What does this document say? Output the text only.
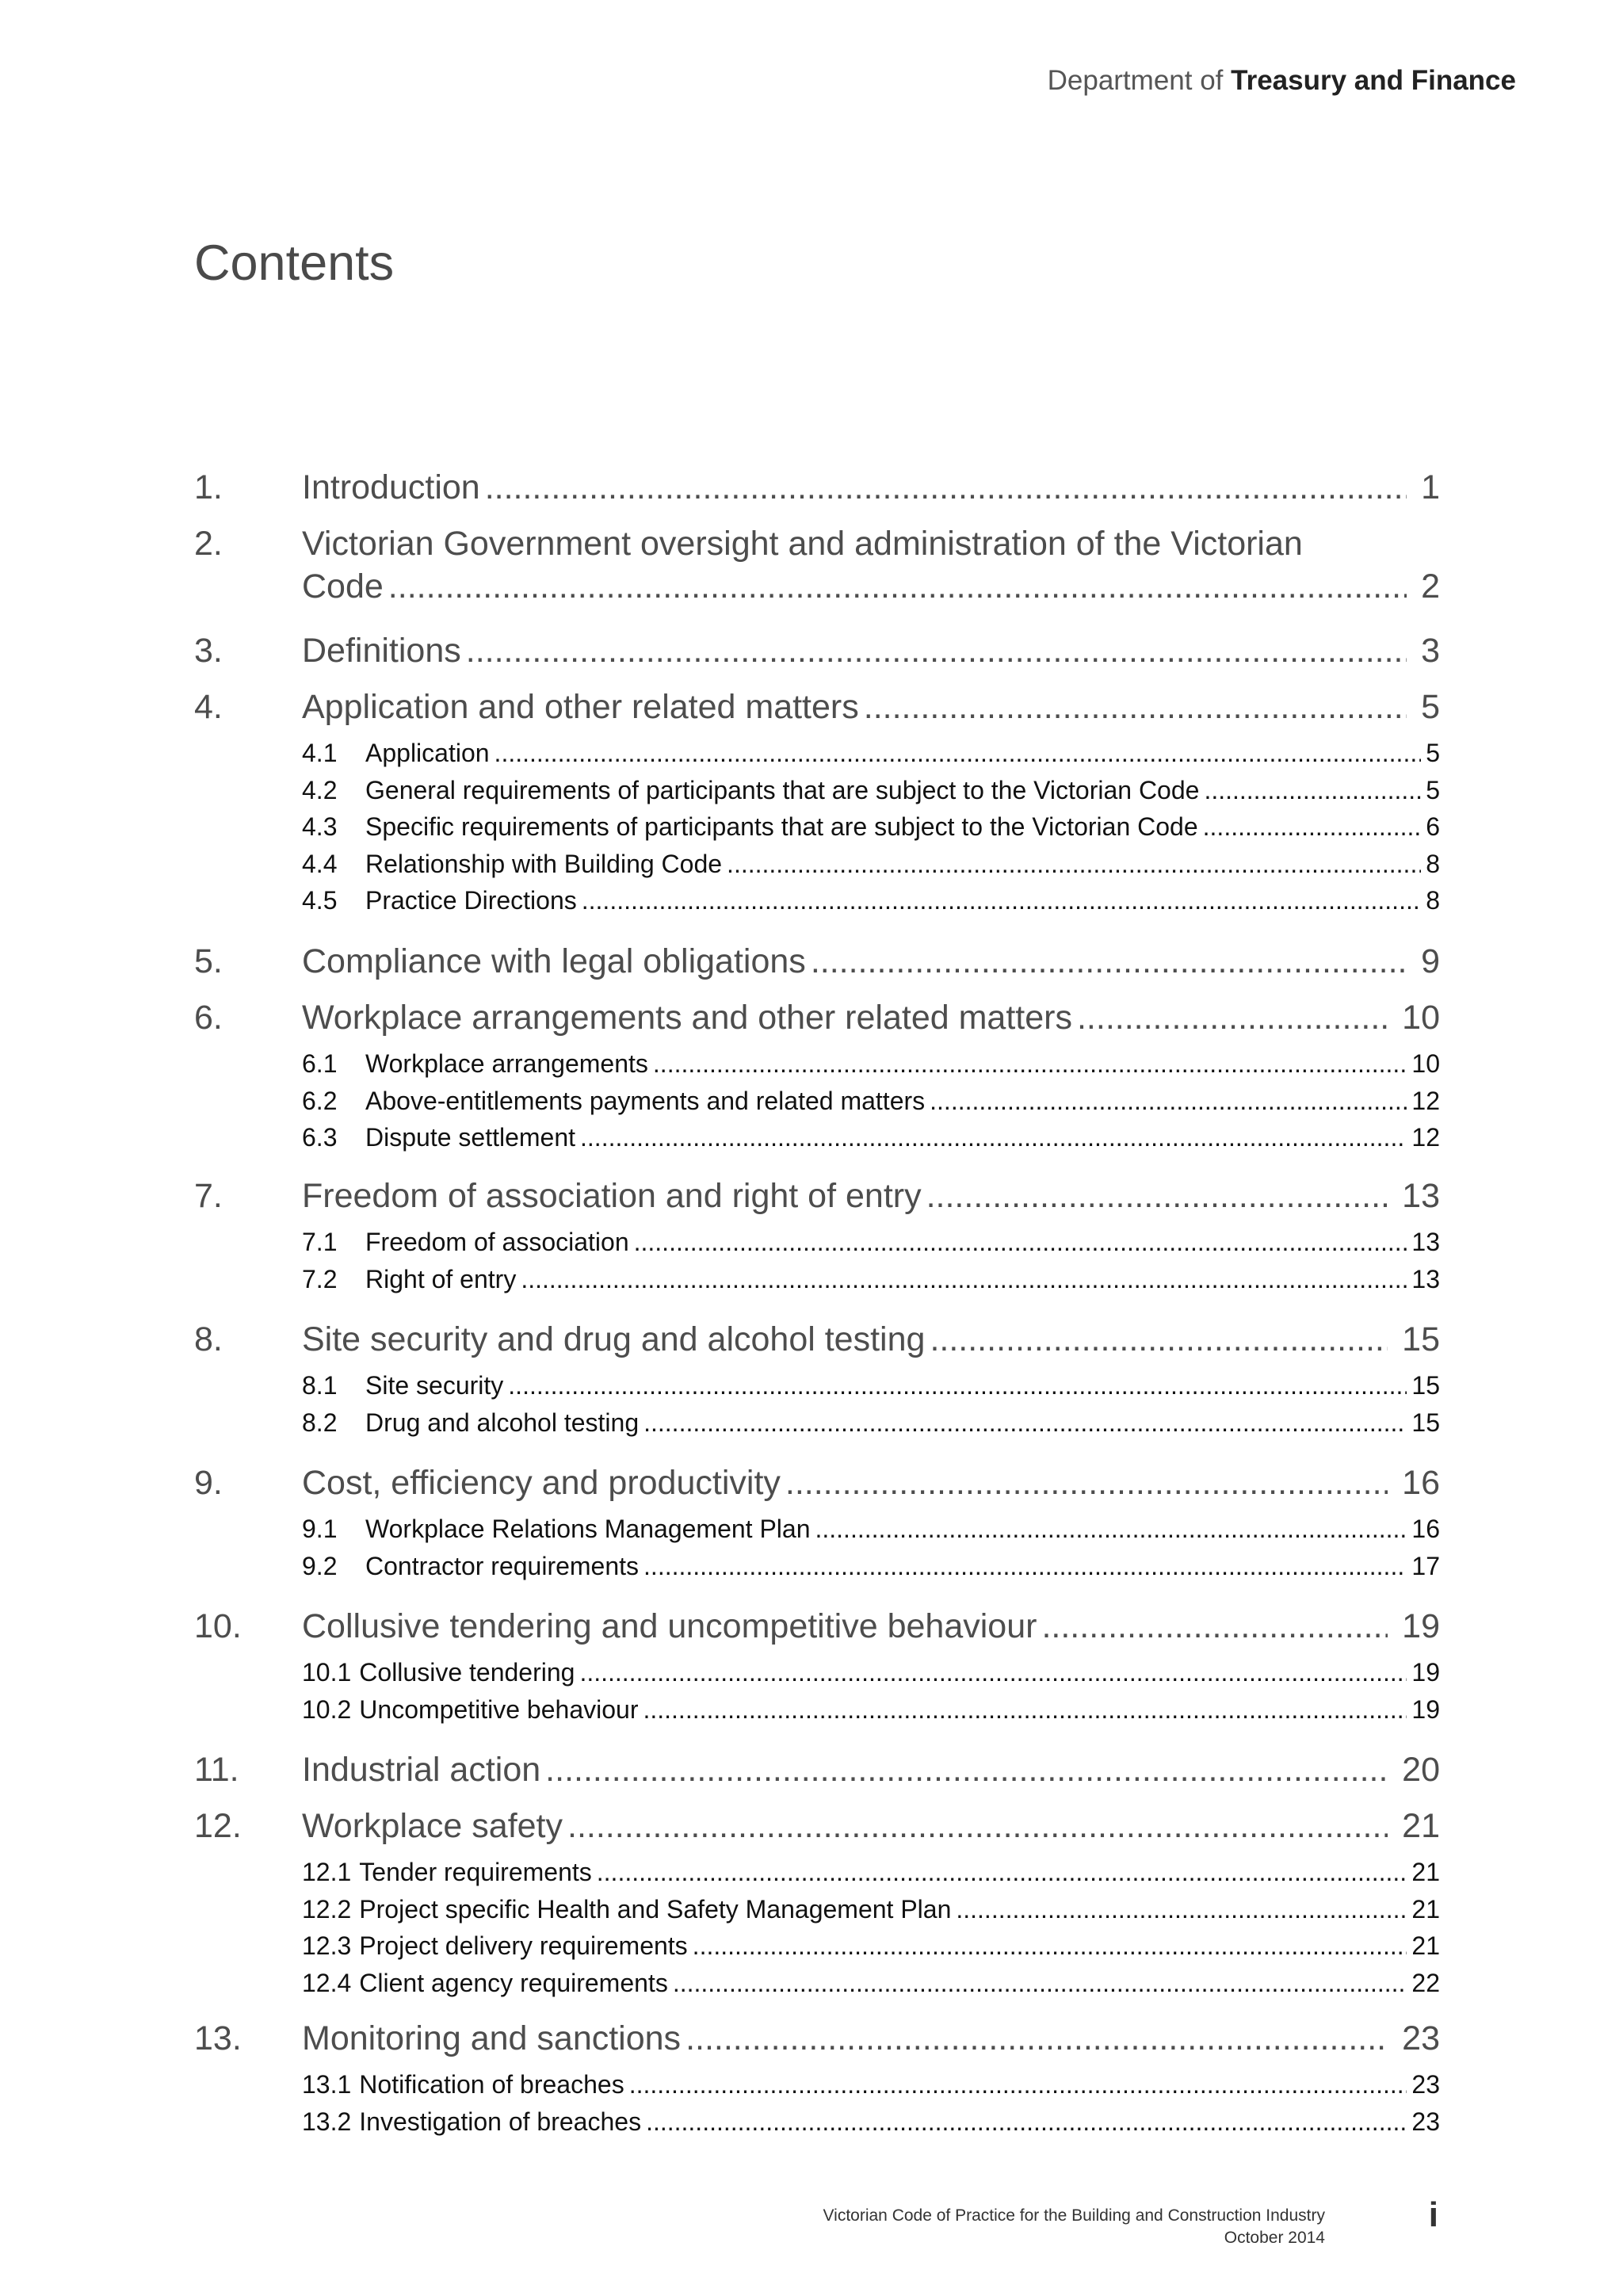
Department of Treasury and Finance
Contents
1. Introduction .....	1
2. Victorian Government oversight and administration of the Victorian
Code .....	2
3. Definitions .....	3
4. Application and other related matters .....	5
4.1	Application .....	5
4.2	General requirements of participants that are subject to the Victorian Code .....	5
4.3	Specific requirements of participants that are subject to the Victorian Code .....	6
4.4	Relationship with Building Code .....	8
4.5	Practice Directions .....	8
5. Compliance with legal obligations .....	9
6. Workplace arrangements and other related matters .....	10
6.1	Workplace arrangements .....	10
6.2	Above-entitlements payments and related matters .....	12
6.3	Dispute settlement .....	12
7. Freedom of association and right of entry .....	13
7.1	Freedom of association .....	13
7.2	Right of entry .....	13
8. Site security and drug and alcohol testing .....	15
8.1	Site security .....	15
8.2	Drug and alcohol testing .....	15
9. Cost, efficiency and productivity .....	16
9.1	Workplace Relations Management Plan .....	16
9.2	Contractor requirements .....	17
10. Collusive tendering and uncompetitive behaviour .....	19
10.1 Collusive tendering .....	19
10.2 Uncompetitive behaviour .....	19
11. Industrial action .....	20
12. Workplace safety .....	21
12.1 Tender requirements .....	21
12.2 Project specific Health and Safety Management Plan .....	21
12.3 Project delivery requirements .....	21
12.4 Client agency requirements .....	22
13. Monitoring and sanctions .....	23
13.1 Notification of breaches .....	23
13.2 Investigation of breaches .....	23
Victorian Code of Practice for the Building and Construction Industry
October 2014
i
